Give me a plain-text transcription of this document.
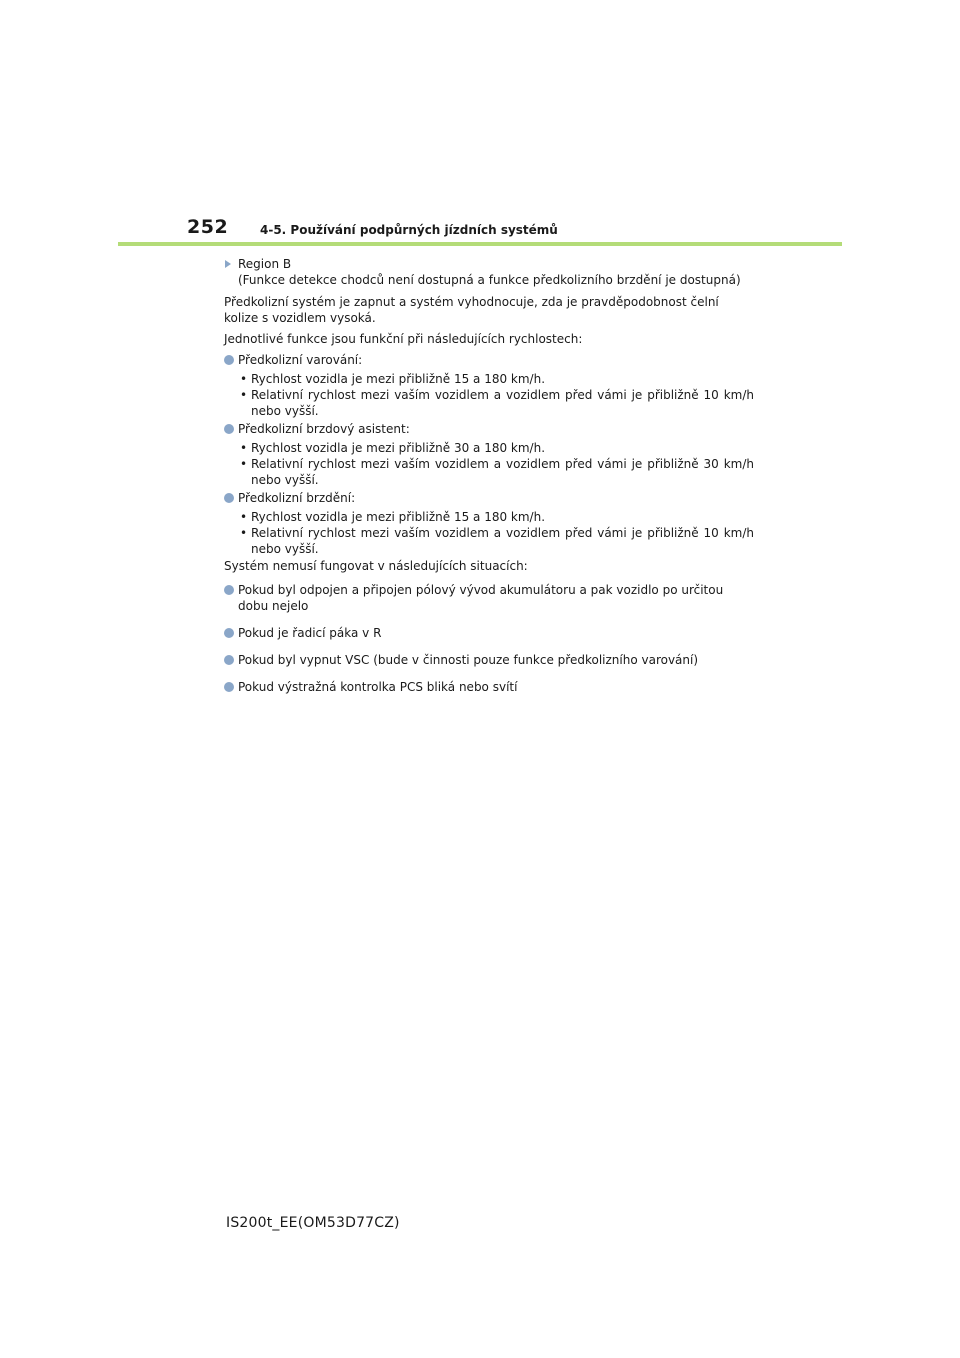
252	4-5. Používání podpůrných jízdních systémů

Region B

(Funkce detekce chodců není dostupná a funkce předkolizního brzdění je dostupná)

Předkolizní systém je zapnut a systém vyhodnocuje, zda je pravděpodobnost čelní kolize s vozidlem vysoká.

Jednotlivé funkce jsou funkční při následujících rychlostech:

Předkolizní varování:
• Rychlost vozidla je mezi přibližně 15 a 180 km/h.
• Relativní rychlost mezi vaším vozidlem a vozidlem před vámi je přibližně 10 km/h nebo vyšší.
Předkolizní brzdový asistent:
• Rychlost vozidla je mezi přibližně 30 a 180 km/h.
• Relativní rychlost mezi vaším vozidlem a vozidlem před vámi je přibližně 30 km/h nebo vyšší.
Předkolizní brzdění:
• Rychlost vozidla je mezi přibližně 15 a 180 km/h.
• Relativní rychlost mezi vaším vozidlem a vozidlem před vámi je přibližně 10 km/h nebo vyšší.

Systém nemusí fungovat v následujících situacích:

Pokud byl odpojen a připojen pólový vývod akumulátoru a pak vozidlo po určitou dobu nejelo
Pokud je řadicí páka v R
Pokud byl vypnut VSC (bude v činnosti pouze funkce předkolizního varování)
Pokud výstražná kontrolka PCS bliká nebo svítí
IS200t_EE(OM53D77CZ)
